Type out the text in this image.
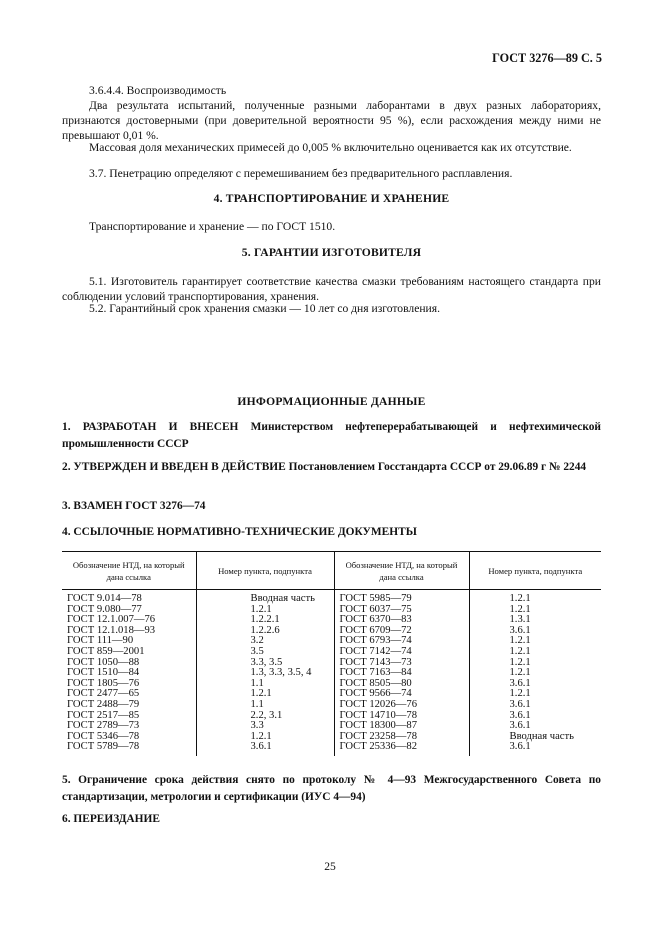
ГОСТ 3276—89 С. 5
3.6.4.4. Воспроизводимость
Два результата испытаний, полученные разными лаборантами в двух разных лабораториях, признаются достоверными (при доверительной вероятности 95 %), если расхождения между ними не превышают 0,01 %.
Массовая доля механических примесей до 0,005 % включительно оценивается как их отсутствие.
3.7. Пенетрацию определяют с перемешиванием без предварительного расплавления.
4. ТРАНСПОРТИРОВАНИЕ И ХРАНЕНИЕ
Транспортирование и хранение — по ГОСТ 1510.
5. ГАРАНТИИ ИЗГОТОВИТЕЛЯ
5.1. Изготовитель гарантирует соответствие качества смазки требованиям настоящего стандарта при соблюдении условий транспортирования, хранения.
5.2. Гарантийный срок хранения смазки — 10 лет со дня изготовления.
ИНФОРМАЦИОННЫЕ ДАННЫЕ
1. РАЗРАБОТАН И ВНЕСЕН Министерством нефтеперерабатывающей и нефтехимической промышленности СССР
2. УТВЕРЖДЕН И ВВЕДЕН В ДЕЙСТВИЕ Постановлением Госстандарта СССР от 29.06.89 г № 2244
3. ВЗАМЕН ГОСТ 3276—74
4. ССЫЛОЧНЫЕ НОРМАТИВНО-ТЕХНИЧЕСКИЕ ДОКУМЕНТЫ
Обозначение НТД, на который дана ссылка	Номер пункта, подпункта	Обозначение НТД, на который дана ссылка	Номер пункта, подпункта
ГОСТ 9.014—78	Вводная часть	ГОСТ 5985—79	1.2.1
ГОСТ 9.080—77	1.2.1	ГОСТ 6037—75	1.2.1
ГОСТ 12.1.007—76	1.2.2.1	ГОСТ 6370—83	1.3.1
ГОСТ 12.1.018—93	1.2.2.6	ГОСТ 6709—72	3.6.1
ГОСТ 111—90	3.2	ГОСТ 6793—74	1.2.1
ГОСТ 859—2001	3.5	ГОСТ 7142—74	1.2.1
ГОСТ 1050—88	3.3, 3.5	ГОСТ 7143—73	1.2.1
ГОСТ 1510—84	1.3, 3.3, 3.5, 4	ГОСТ 7163—84	1.2.1
ГОСТ 1805—76	1.1	ГОСТ 8505—80	3.6.1
ГОСТ 2477—65	1.2.1	ГОСТ 9566—74	1.2.1
ГОСТ 2488—79	1.1	ГОСТ 12026—76	3.6.1
ГОСТ 2517—85	2.2, 3.1	ГОСТ 14710—78	3.6.1
ГОСТ 2789—73	3.3	ГОСТ 18300—87	3.6.1
ГОСТ 5346—78	1.2.1	ГОСТ 23258—78	Вводная часть
ГОСТ 5789—78	3.6.1	ГОСТ 25336—82	3.6.1
5. Ограничение срока действия снято по протоколу № 4—93 Межгосударственного Совета по стандартизации, метрологии и сертификации (ИУС 4—94)
6. ПЕРЕИЗДАНИЕ
25
